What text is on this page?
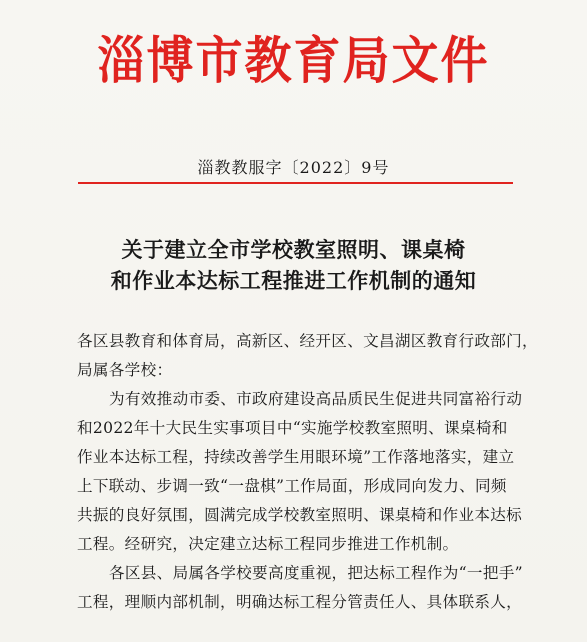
淄博市教育局文件
淄教教服字〔2022〕9号
关于建立全市学校教室照明、课桌椅
和作业本达标工程推进工作机制的通知

各区县教育和体育局，高新区、经开区、文昌湖区教育行政部门，
局属各学校：

为有效推动市委、市政府建设高品质民生促进共同富裕行动
和2022年十大民生实事项目中“实施学校教室照明、课桌椅和
作业本达标工程，持续改善学生用眼环境”工作落地落实，建立
上下联动、步调一致“一盘棋”工作局面，形成同向发力、同频
共振的良好氛围，圆满完成学校教室照明、课桌椅和作业本达标
工程。经研究，决定建立达标工程同步推进工作机制。

各区县、局属各学校要高度重视，把达标工程作为“一把手”
工程，理顺内部机制，明确达标工程分管责任人、具体联系人，
